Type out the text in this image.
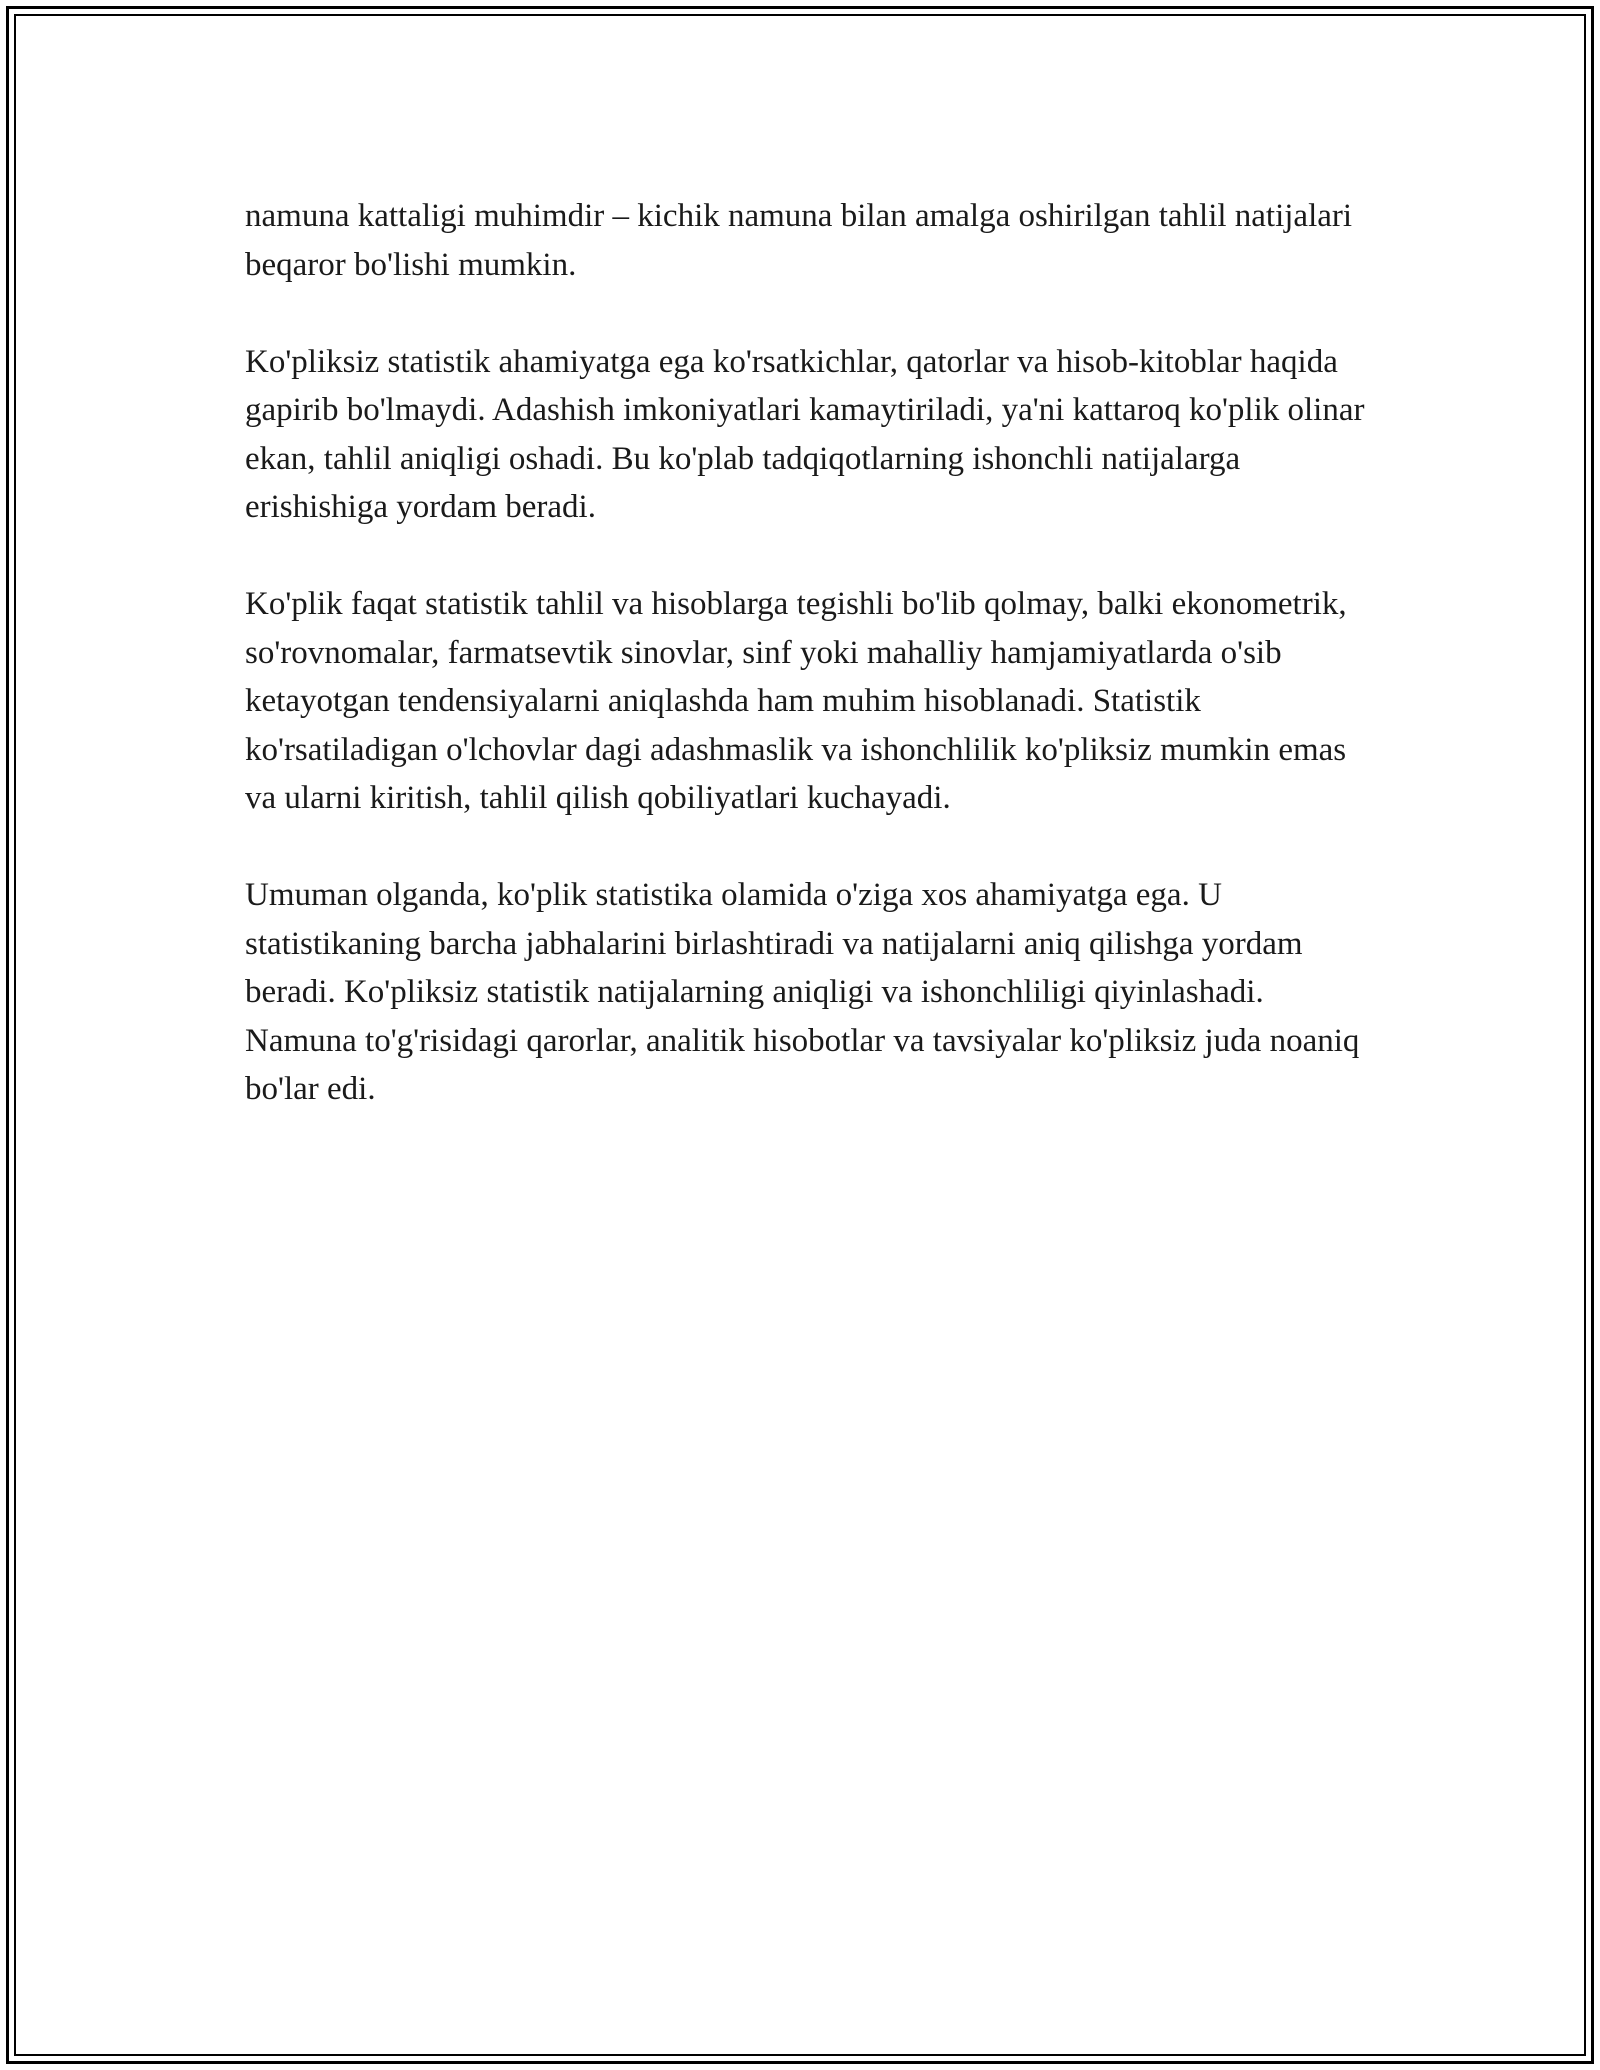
namuna kattaligi muhimdir – kichik namuna bilan amalga oshirilgan tahlil natijalari beqaror bo'lishi mumkin.

Ko'pliksiz statistik ahamiyatga ega ko'rsatkichlar, qatorlar va hisob-kitoblar haqida gapirib bo'lmaydi. Adashish imkoniyatlari kamaytiriladi, ya'ni kattaroq ko'plik olinar ekan, tahlil aniqligi oshadi. Bu ko'plab tadqiqotlarning ishonchli natijalarga erishishiga yordam beradi.

Ko'plik faqat statistik tahlil va hisoblarga tegishli bo'lib qolmay, balki ekonometrik, so'rovnomalar, farmatsevtik sinovlar, sinf yoki mahalliy hamjamiyatlarda o'sib ketayotgan tendensiyalarni aniqlashda ham muhim hisoblanadi. Statistik ko'rsatiladigan o'lchovlar dagi adashmaslik va ishonchlilik ko'pliksiz mumkin emas va ularni kiritish, tahlil qilish qobiliyatlari kuchayadi.

Umuman olganda, ko'plik statistika olamida o'ziga xos ahamiyatga ega. U statistikaning barcha jabhalarini birlashtiradi va natijalarni aniq qilishga yordam beradi. Ko'pliksiz statistik natijalarning aniqligi va ishonchliligi qiyinlashadi. Namuna to'g'risidagi qarorlar, analitik hisobotlar va tavsiyalar ko'pliksiz juda noaniq bo'lar edi.
